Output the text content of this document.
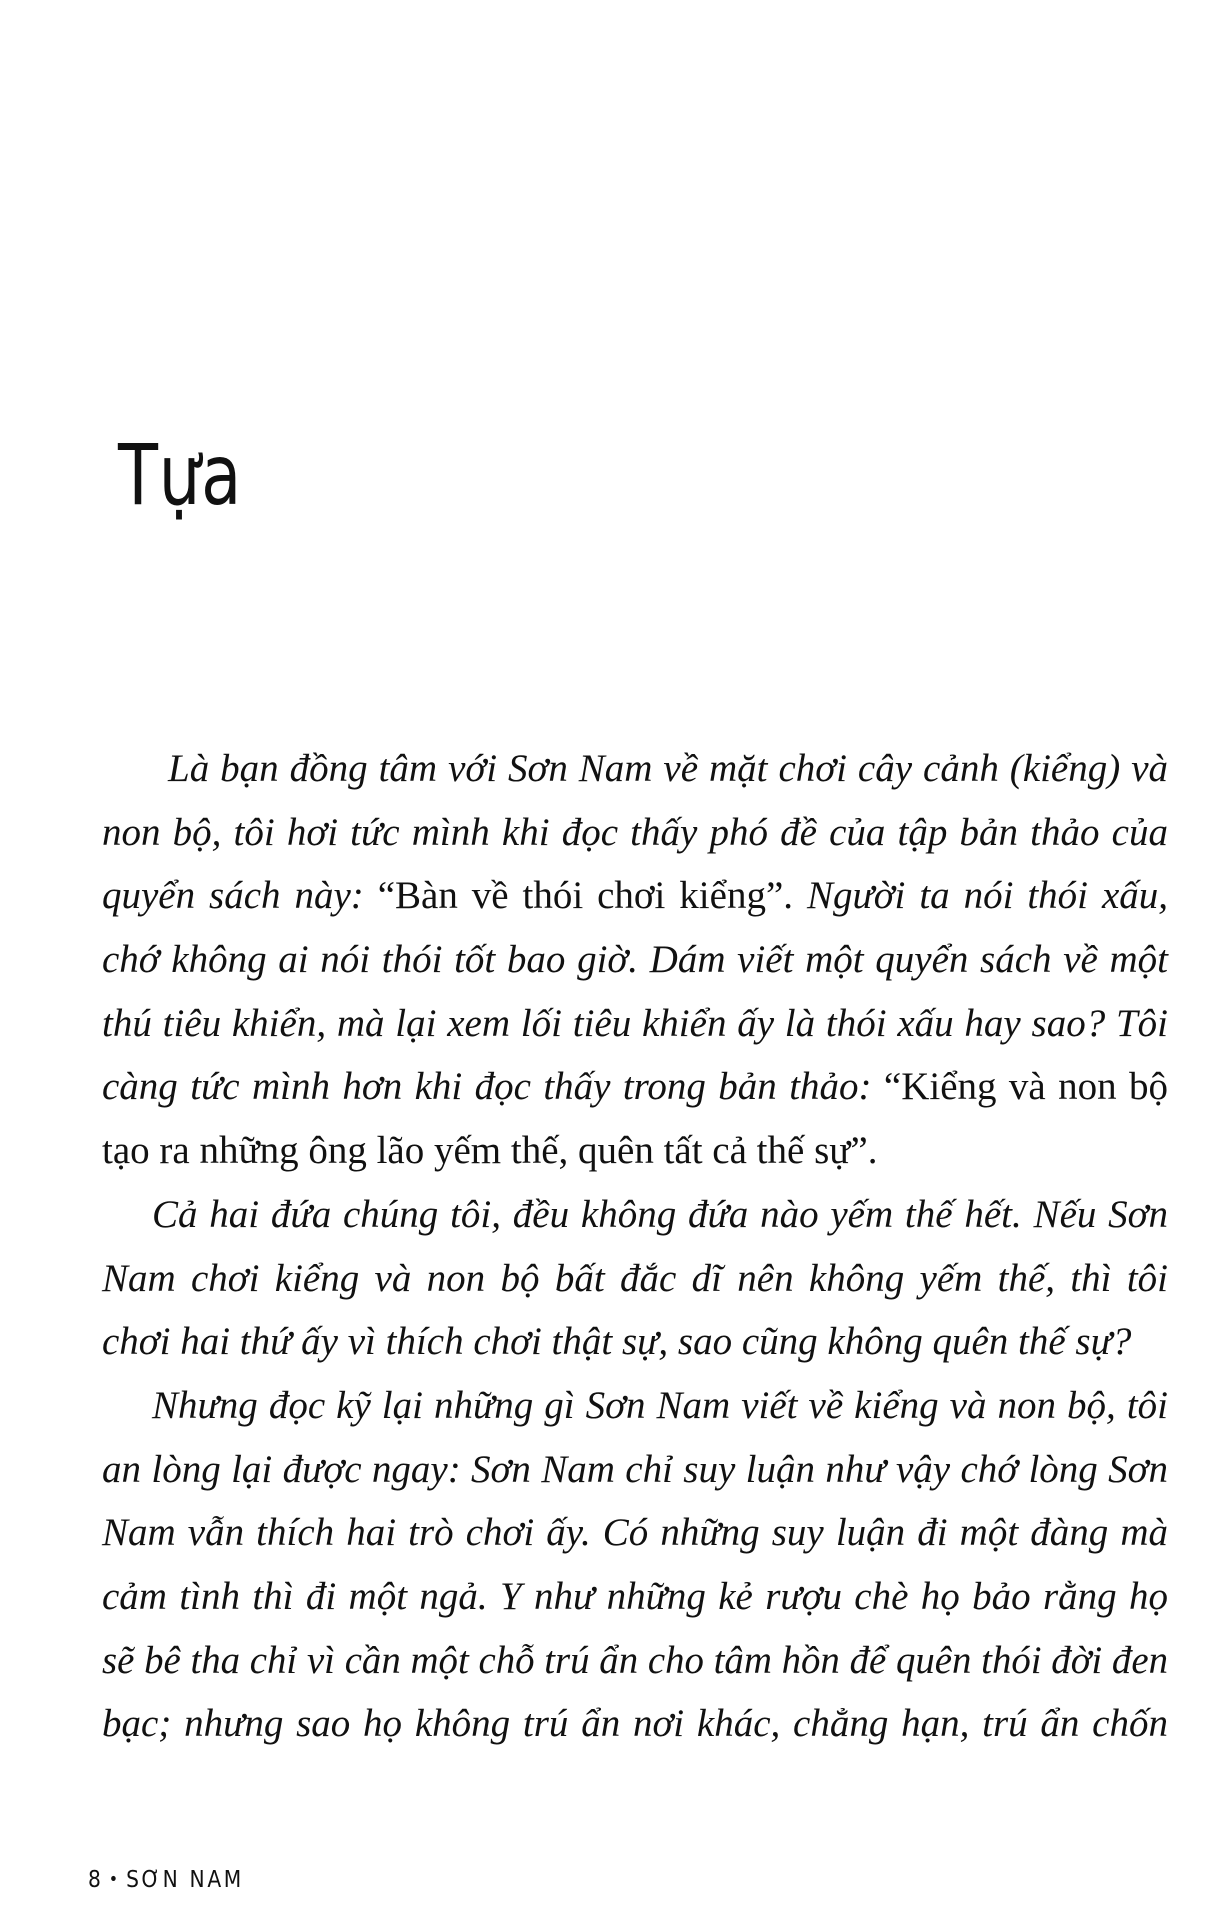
Tựa
Là bạn đồng tâm với Sơn Nam về mặt chơi cây cảnh (kiểng) và
non bộ, tôi hơi tức mình khi đọc thấy phó đề của tập bản thảo của
quyển sách này: “Bàn về thói chơi kiểng”. Người ta nói thói xấu,
chớ không ai nói thói tốt bao giờ. Dám viết một quyển sách về một
thú tiêu khiển, mà lại xem lối tiêu khiển ấy là thói xấu hay sao? Tôi
càng tức mình hơn khi đọc thấy trong bản thảo: “Kiểng và non bộ
tạo ra những ông lão yếm thế, quên tất cả thế sự”.
Cả hai đứa chúng tôi, đều không đứa nào yếm thế hết. Nếu Sơn
Nam chơi kiểng và non bộ bất đắc dĩ nên không yếm thế, thì tôi
chơi hai thứ ấy vì thích chơi thật sự, sao cũng không quên thế sự?
Nhưng đọc kỹ lại những gì Sơn Nam viết về kiểng và non bộ, tôi
an lòng lại được ngay: Sơn Nam chỉ suy luận như vậy chớ lòng Sơn
Nam vẫn thích hai trò chơi ấy. Có những suy luận đi một đàng mà
cảm tình thì đi một ngả. Y như những kẻ rượu chè họ bảo rằng họ
sẽ bê tha chỉ vì cần một chỗ trú ẩn cho tâm hồn để quên thói đời đen
bạc; nhưng sao họ không trú ẩn nơi khác, chẳng hạn, trú ẩn chốn
8 • SƠN NAM
